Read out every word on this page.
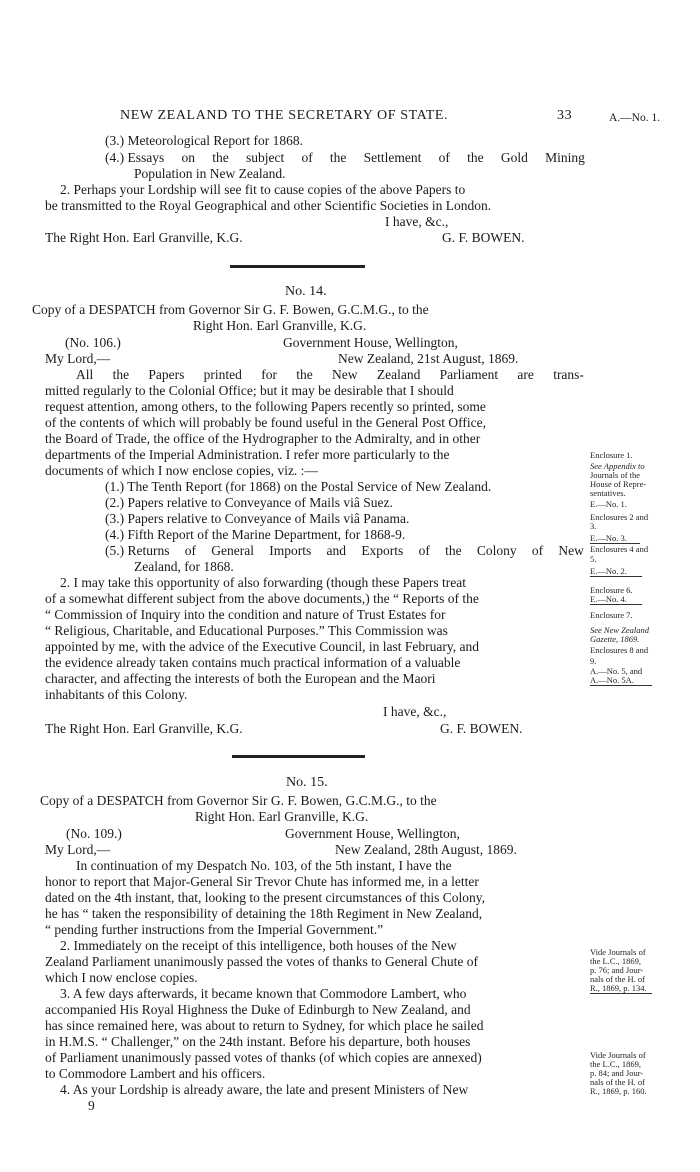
NEW ZEALAND TO THE SECRETARY OF STATE.	33	A.—No. 1.
(3.) Meteorological Report for 1868.
(4.) Essays on the subject of the Settlement of the Gold Mining
Population in New Zealand.
2. Perhaps your Lordship will see fit to cause copies of the above Papers to
be transmitted to the Royal Geographical and other Scientific Societies in London.
I have, &c.,
The Right Hon. Earl Granville, K.G.	G. F. BOWEN.
No. 14.
Copy of a DESPATCH from Governor Sir G. F. Bowen, G.C.M.G., to the
Right Hon. Earl Granville, K.G.
(No. 106.)	Government House, Wellington,
My Lord,—	New Zealand, 21st August, 1869.
All the Papers printed for the New Zealand Parliament are trans-
mitted regularly to the Colonial Office; but it may be desirable that I should
request attention, among others, to the following Papers recently so printed, some
of the contents of which will probably be found useful in the General Post Office,
the Board of Trade, the office of the Hydrographer to the Admiralty, and in other
departments of the Imperial Administration. I refer more particularly to the
documents of which I now enclose copies, viz. :—
(1.) The Tenth Report (for 1868) on the Postal Service of New Zealand.
(2.) Papers relative to Conveyance of Mails viâ Suez.
(3.) Papers relative to Conveyance of Mails viâ Panama.
(4.) Fifth Report of the Marine Department, for 1868-9.
(5.) Returns of General Imports and Exports of the Colony of New
Zealand, for 1868.
2. I may take this opportunity of also forwarding (though these Papers treat
of a somewhat different subject from the above documents,) the “ Reports of the
“ Commission of Inquiry into the condition and nature of Trust Estates for
“ Religious, Charitable, and Educational Purposes.” This Commission was
appointed by me, with the advice of the Executive Council, in last February, and
the evidence already taken contains much practical information of a valuable
character, and affecting the interests of both the European and the Maori
inhabitants of this Colony.
I have, &c.,
The Right Hon. Earl Granville, K.G.	G. F. BOWEN.
No. 15.
Copy of a DESPATCH from Governor Sir G. F. Bowen, G.C.M.G., to the
Right Hon. Earl Granville, K.G.
(No. 109.)	Government House, Wellington,
My Lord,—	New Zealand, 28th August, 1869.
In continuation of my Despatch No. 103, of the 5th instant, I have the
honor to report that Major-General Sir Trevor Chute has informed me, in a letter
dated on the 4th instant, that, looking to the present circumstances of this Colony,
he has “ taken the responsibility of detaining the 18th Regiment in New Zealand,
“ pending further instructions from the Imperial Government.”
2. Immediately on the receipt of this intelligence, both houses of the New
Zealand Parliament unanimously passed the votes of thanks to General Chute of
which I now enclose copies.
3. A few days afterwards, it became known that Commodore Lambert, who
accompanied His Royal Highness the Duke of Edinburgh to New Zealand, and
has since remained here, was about to return to Sydney, for which place he sailed
in H.M.S. “ Challenger,” on the 24th instant. Before his departure, both houses
of Parliament unanimously passed votes of thanks (of which copies are annexed)
to Commodore Lambert and his officers.
4. As your Lordship is already aware, the late and present Ministers of New
9
Enclosure 1.
See Appendix to
Journals of the
House of Repre-
sentatives.
E.—No. 1.
Enclosures 2 and
3.
E.—No. 3.
Enclosures 4 and
5.
E.—No. 2.
Enclosure 6.
E.—No. 4.
Enclosure 7.
See New Zealand
Gazette, 1869.
Enclosures 8 and
9.
A.—No. 5, and
A.—No. 5A.
Vide Journals of
the L.C., 1869,
p. 76; and Jour-
nals of the H. of
R., 1869, p. 134.
Vide Journals of
the L.C., 1869,
p. 84; and Jour-
nals of the H. of
R., 1869, p. 160.
